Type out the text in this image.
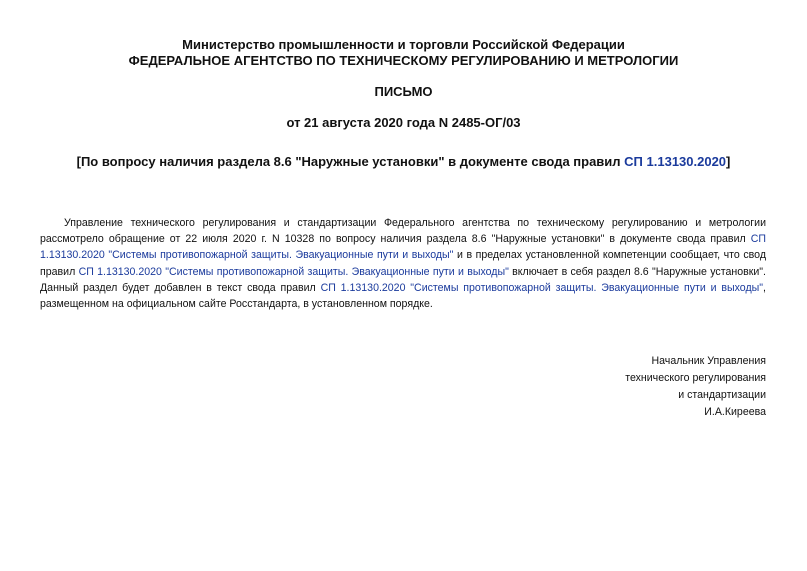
Министерство промышленности и торговли Российской Федерации
ФЕДЕРАЛЬНОЕ АГЕНТСТВО ПО ТЕХНИЧЕСКОМУ РЕГУЛИРОВАНИЮ И МЕТРОЛОГИИ
ПИСЬМО
от 21 августа 2020 года N 2485-ОГ/03
[По вопросу наличия раздела 8.6 "Наружные установки" в документе свода правил СП 1.13130.2020]
Управление технического регулирования и стандартизации Федерального агентства по техническому регулированию и метрологии рассмотрело обращение от 22 июля 2020 г. N 10328 по вопросу наличия раздела 8.6 "Наружные установки" в документе свода правил СП 1.13130.2020 "Системы противопожарной защиты. Эвакуационные пути и выходы" и в пределах установленной компетенции сообщает, что свод правил СП 1.13130.2020 "Системы противопожарной защиты. Эвакуационные пути и выходы" включает в себя раздел 8.6 "Наружные установки". Данный раздел будет добавлен в текст свода правил СП 1.13130.2020 "Системы противопожарной защиты. Эвакуационные пути и выходы", размещенном на официальном сайте Росстандарта, в установленном порядке.
Начальник Управления
технического регулирования
и стандартизации
И.А.Киреева
